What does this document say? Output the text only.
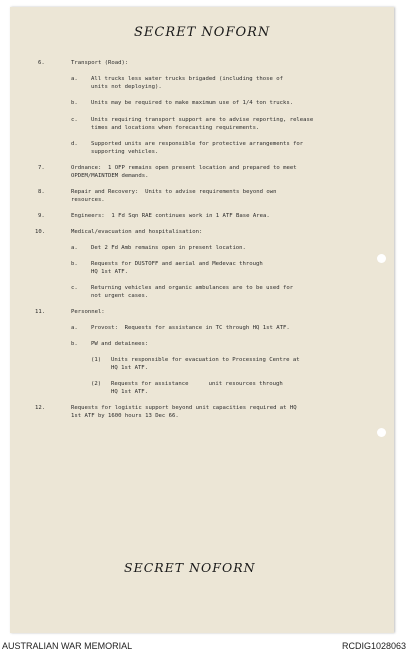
SECRET NOFORN
6.	Transport (Road):
a. All trucks less water trucks brigaded (including those of
units not deploying).
b. Units may be required to make maximum use of 1/4 ton trucks.
c. Units requiring transport support are to advise reporting, release
times and locations when forecasting requirements.
d. Supported units are responsible for protective arrangements for
supporting vehicles.
7.	Ordnance:  1 OFP remains open present location and prepared to meet
OPDEM/MAINTDEM demands.
8.	Repair and Recovery:  Units to advise requirements beyond own
resources.
9.	Engineers:  1 Fd Sqn RAE continues work in 1 ATF Base Area.
10.	Medical/evacuation and hospitalisation:
a. Det 2 Fd Amb remains open in present location.
b. Requests for DUSTOFF and aerial and Medevac through
HQ 1st ATF.
c. Returning vehicles and organic ambulances are to be used for
not urgent cases.
11.	Personnel:
a. Provost:  Requests for assistance in TC through HQ 1st ATF.
b. PW and detainees:
(1) Units responsible for evacuation to Processing Centre at
HQ 1st ATF.
(2) Requests for assistance      unit resources through
HQ 1st ATF.
12.	Requests for logistic support beyond unit capacities required at HQ
1st ATF by 1600 hours 13 Dec 66.
SECRET NOFORN
AUSTRALIAN WAR MEMORIAL	RCDIG1028063
